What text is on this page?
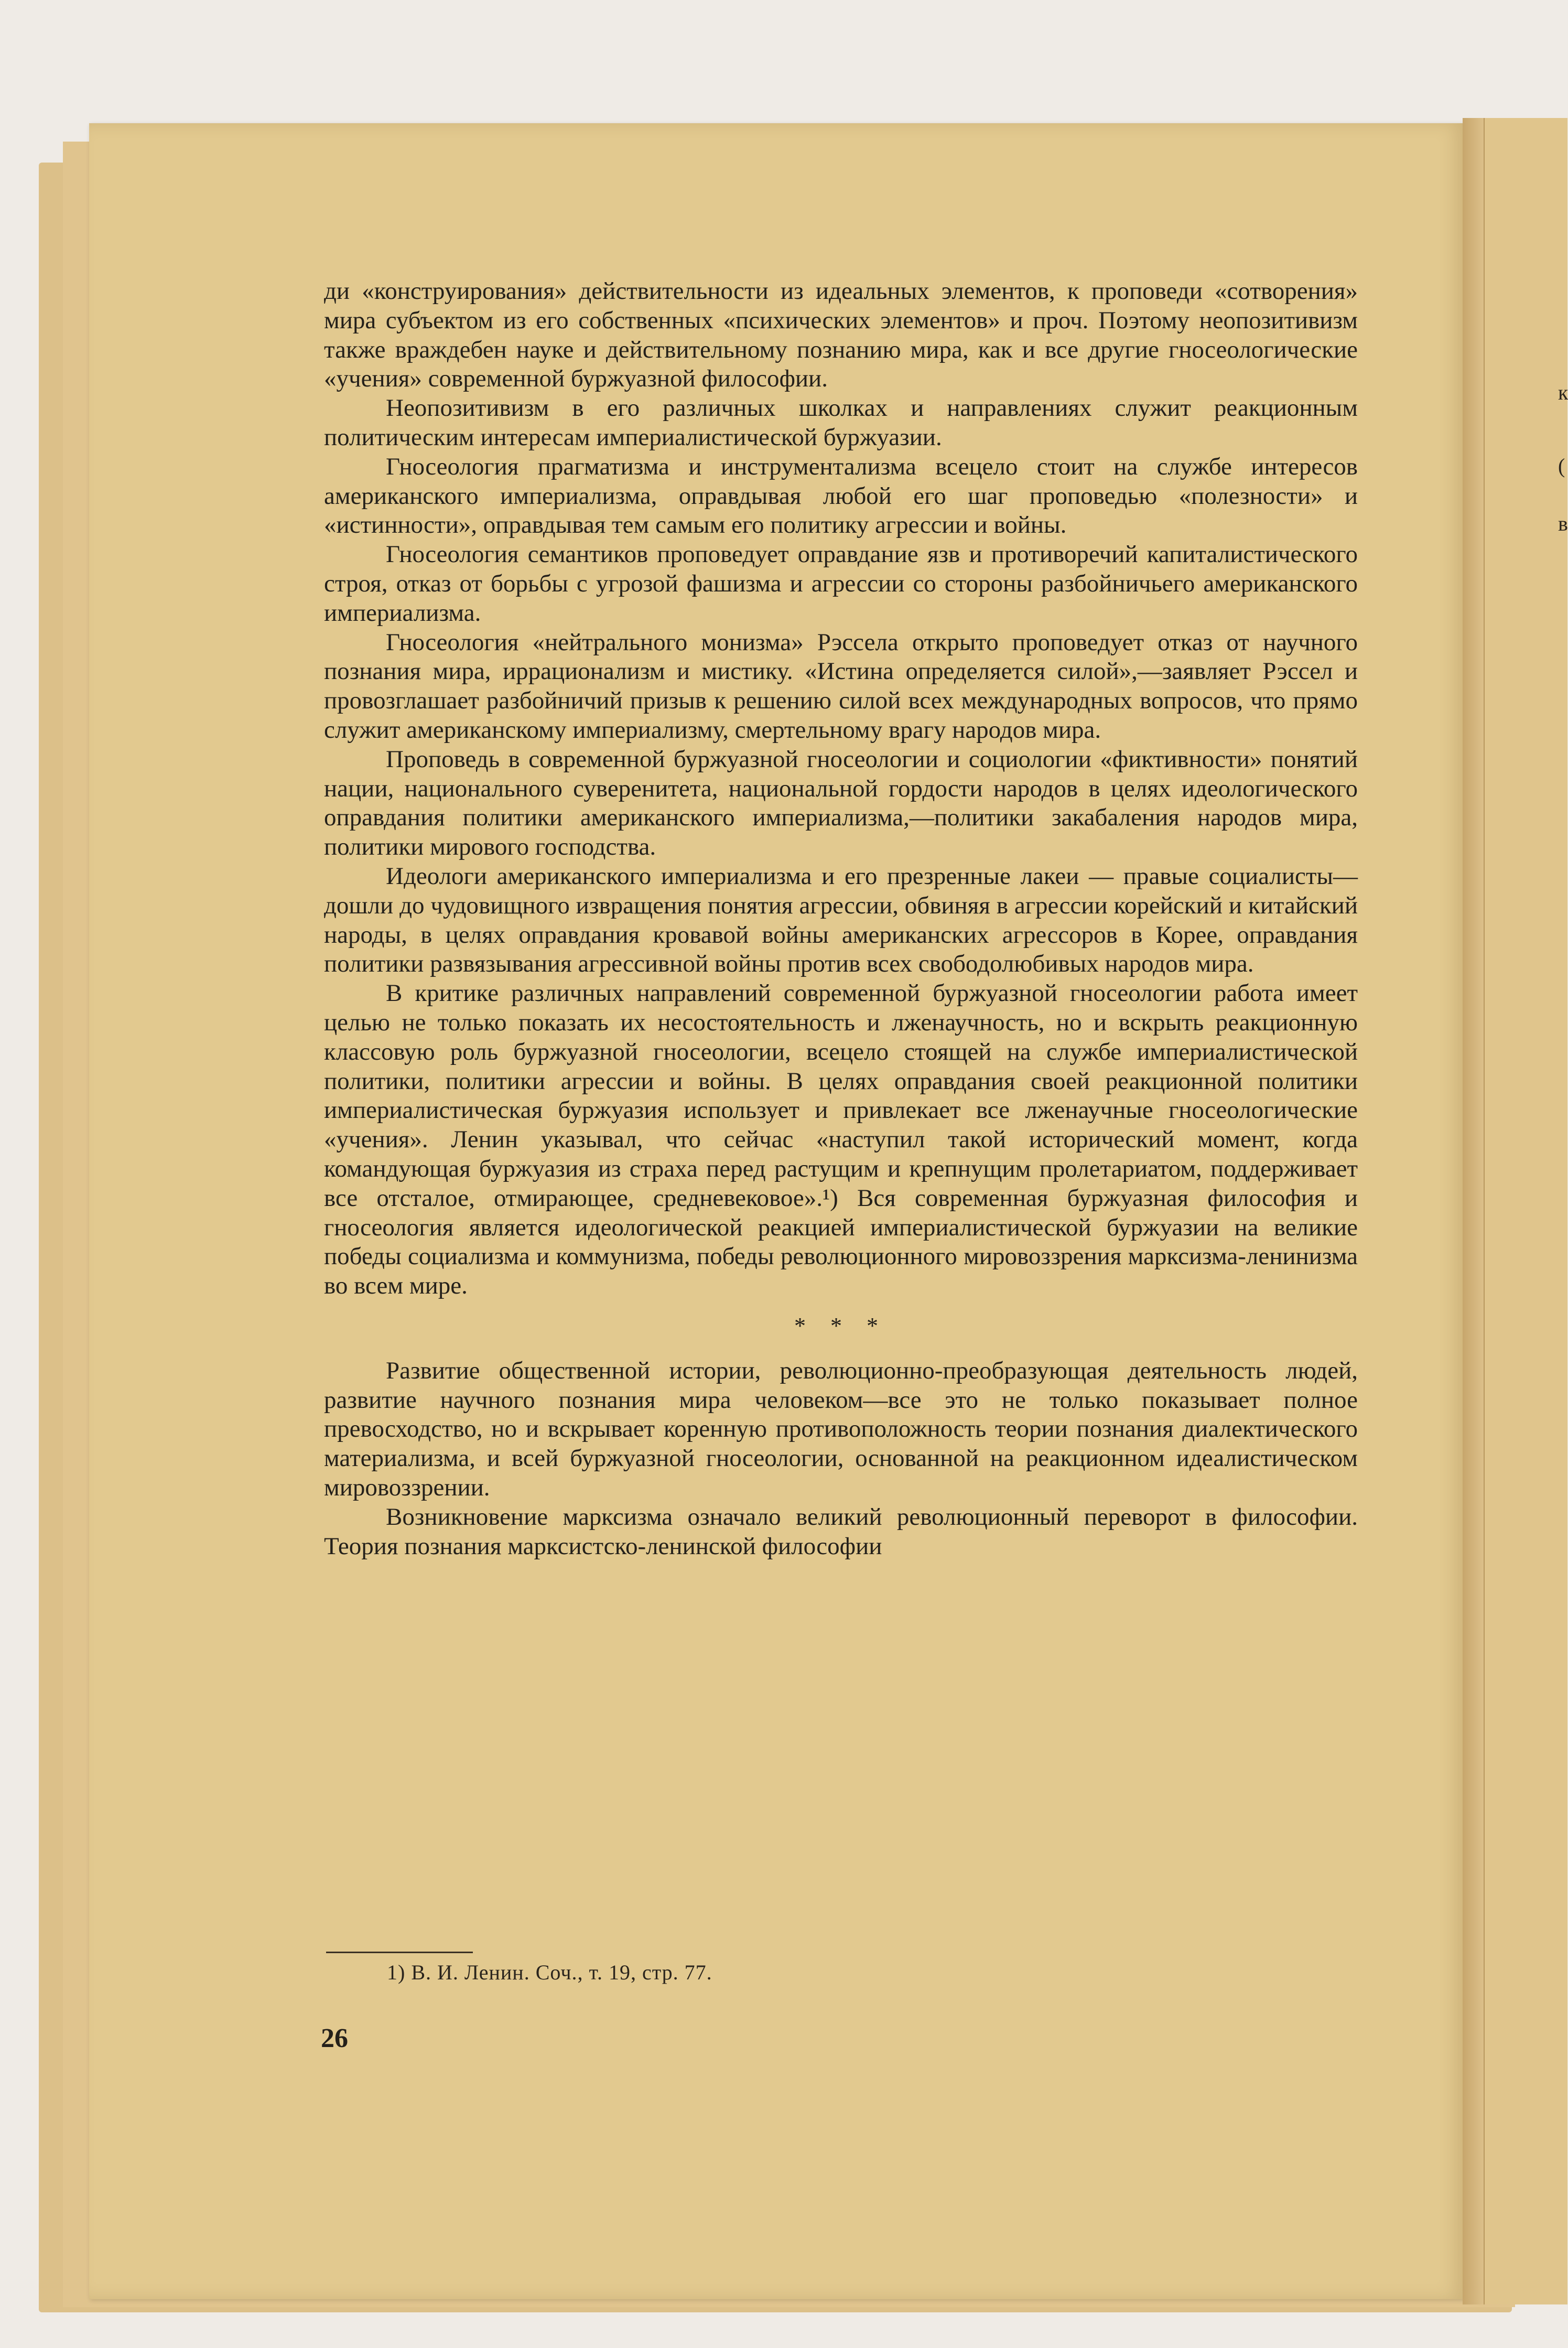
к
(
в

ди «конструирования» действительности из идеальных элементов, к проповеди «сотворения» мира субъектом из его собственных «психических элементов» и проч. Поэтому неопозитивизм также враждебен науке и действительному познанию мира, как и все другие гносеологические «учения» современной буржуазной философии.

Неопозитивизм в его различных школках и направлениях служит реакционным политическим интересам империалистической буржуазии.

Гносеология прагматизма и инструментализма всецело стоит на службе интересов американского империализма, оправдывая любой его шаг проповедью «полезности» и «истинности», оправдывая тем самым его политику агрессии и войны.

Гносеология семантиков проповедует оправдание язв и противоречий капиталистического строя, отказ от борьбы с угрозой фашизма и агрессии со стороны разбойничьего американского империализма.

Гносеология «нейтрального монизма» Рэссела открыто проповедует отказ от научного познания мира, иррационализм и мистику. «Истина определяется силой»,—заявляет Рэссел и провозглашает разбойничий призыв к решению силой всех международных вопросов, что прямо служит американскому империализму, смертельному врагу народов мира.

Проповедь в современной буржуазной гносеологии и социологии «фиктивности» понятий нации, национального суверенитета, национальной гордости народов в целях идеологического оправдания политики американского империализма,—политики закабаления народов мира, политики мирового господства.

Идеологи американского империализма и его презренные лакеи — правые социалисты—дошли до чудовищного извращения понятия агрессии, обвиняя в агрессии корейский и китайский народы, в целях оправдания кровавой войны американских агрессоров в Корее, оправдания политики развязывания агрессивной войны против всех свободолюбивых народов мира.

В критике различных направлений современной буржуазной гносеологии работа имеет целью не только показать их несостоятельность и лженаучность, но и вскрыть реакционную классовую роль буржуазной гносеологии, всецело стоящей на службе империалистической политики, политики агрессии и войны. В целях оправдания своей реакционной политики империалистическая буржуазия использует и привлекает все лженаучные гносеологические «учения». Ленин указывал, что сейчас «наступил такой исторический момент, когда командующая буржуазия из страха перед растущим и крепнущим пролетариатом, поддерживает все отсталое, отмирающее, средневековое».¹) Вся современная буржуазная философия и гносеология является идеологической реакцией империалистической буржуазии на великие победы социализма и коммунизма, победы революционного мировоззрения марксизма-ленинизма во всем мире.

* * *

Развитие общественной истории, революционно-преобразующая деятельность людей, развитие научного познания мира человеком—все это не только показывает полное превосходство, но и вскрывает коренную противоположность теории познания диалектического материализма, и всей буржуазной гносеологии, основанной на реакционном идеалистическом мировоззрении.

Возникновение марксизма означало великий революционный переворот в философии. Теория познания марксистско-ленинской философии

1) В. И. Ленин. Соч., т. 19, стр. 77.
26
